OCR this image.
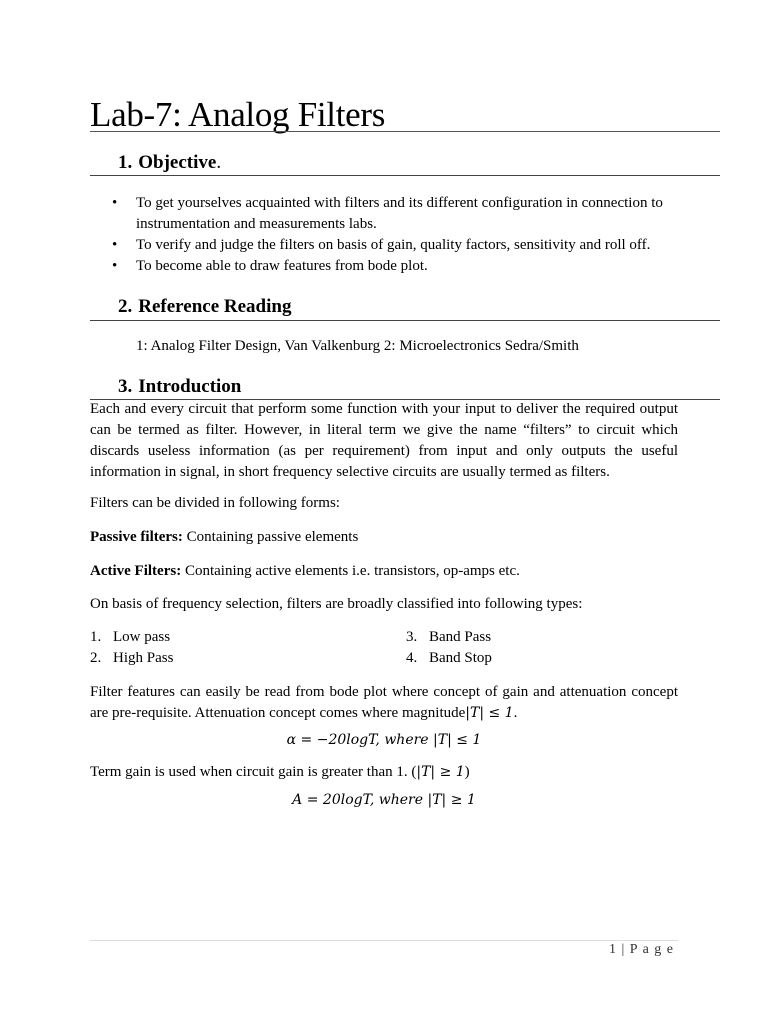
Lab-7: Analog Filters
1. Objective.
• To get yourselves acquainted with filters and its different configuration in connection to instrumentation and measurements labs.
• To verify and judge the filters on basis of gain, quality factors, sensitivity and roll off.
• To become able to draw features from bode plot.
2. Reference Reading
1: Analog Filter Design, Van Valkenburg 2: Microelectronics Sedra/Smith
3. Introduction
Each and every circuit that perform some function with your input to deliver the required output can be termed as filter. However, in literal term we give the name “filters” to circuit which discards useless information (as per requirement) from input and only outputs the useful information in signal, in short frequency selective circuits are usually termed as filters.
Filters can be divided in following forms:
Passive filters: Containing passive elements
Active Filters: Containing active elements i.e. transistors, op-amps etc.
On basis of frequency selection, filters are broadly classified into following types:
1. Low pass
2. High Pass
3. Band Pass
4. Band Stop
Filter features can easily be read from bode plot where concept of gain and attenuation concept are pre-requisite. Attenuation concept comes where magnitude|T| ≤ 1.
α = −20logT, where |T| ≤ 1
Term gain is used when circuit gain is greater than 1. (|T| ≥ 1)
A = 20logT, where |T| ≥ 1
1 | P a g e
